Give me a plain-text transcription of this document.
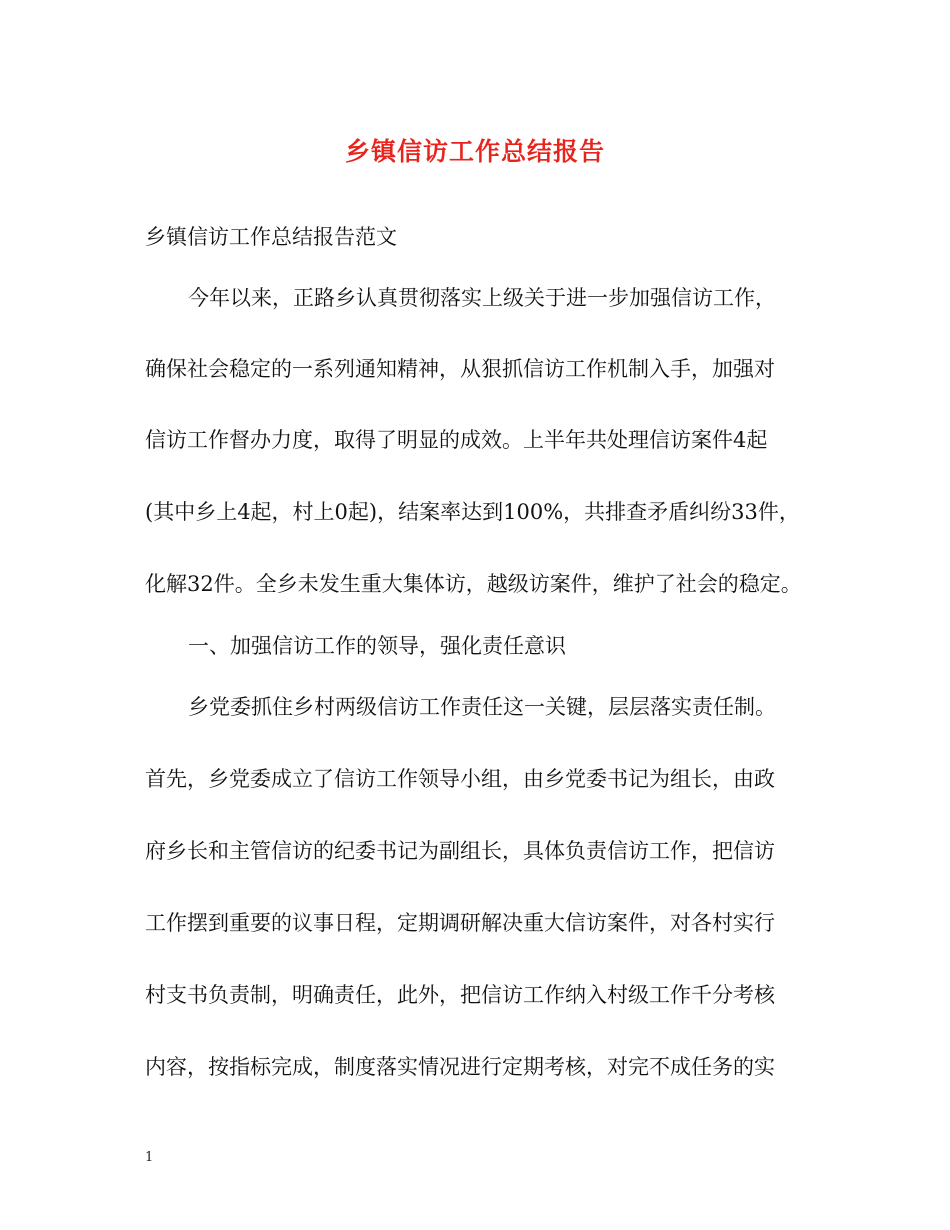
乡镇信访工作总结报告
乡镇信访工作总结报告范文
今年以来，正路乡认真贯彻落实上级关于进一步加强信访工作，
确保社会稳定的一系列通知精神，从狠抓信访工作机制入手，加强对
信访工作督办力度，取得了明显的成效。上半年共处理信访案件4起
(其中乡上4起，村上0起)，结案率达到100%，共排查矛盾纠纷33件，
化解32件。全乡未发生重大集体访，越级访案件，维护了社会的稳定。
一、加强信访工作的领导，强化责任意识
乡党委抓住乡村两级信访工作责任这一关键，层层落实责任制。
首先，乡党委成立了信访工作领导小组，由乡党委书记为组长，由政
府乡长和主管信访的纪委书记为副组长，具体负责信访工作，把信访
工作摆到重要的议事日程，定期调研解决重大信访案件，对各村实行
村支书负责制，明确责任，此外，把信访工作纳入村级工作千分考核
内容，按指标完成，制度落实情况进行定期考核，对完不成任务的实
1
